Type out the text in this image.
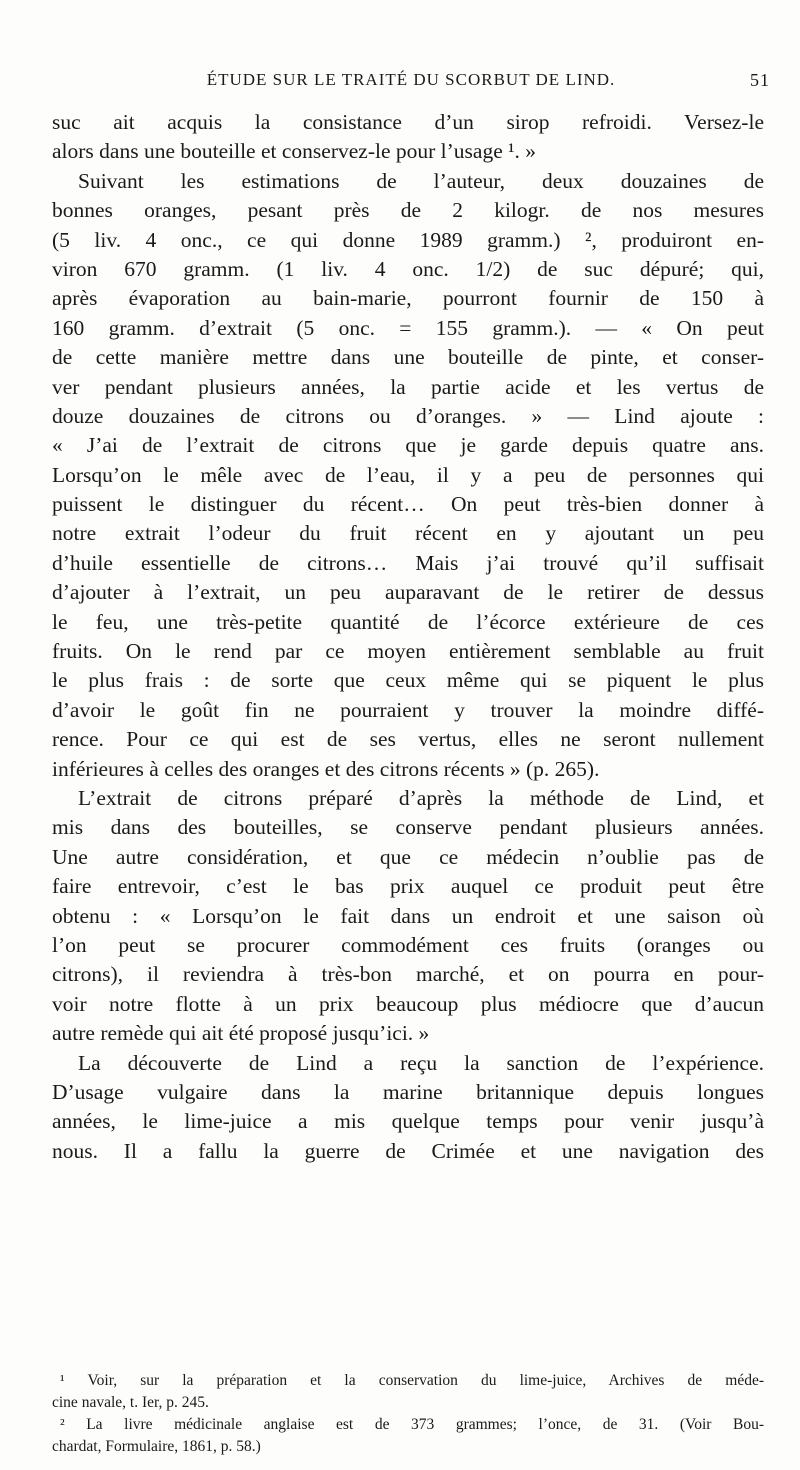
ÉTUDE SUR LE TRAITÉ DU SCORBUT DE LIND.	51
suc ait acquis la consistance d’un sirop refroidi. Versez-le
alors dans une bouteille et conservez-le pour l’usage ¹. »
Suivant les estimations de l’auteur, deux douzaines de
bonnes oranges, pesant près de 2 kilogr. de nos mesures
(5 liv. 4 onc., ce qui donne 1989 gramm.) ², produiront en-
viron 670 gramm. (1 liv. 4 onc. 1/2) de suc dépuré; qui,
après évaporation au bain-marie, pourront fournir de 150 à
160 gramm. d’extrait (5 onc. = 155 gramm.). — « On peut
de cette manière mettre dans une bouteille de pinte, et conser-
ver pendant plusieurs années, la partie acide et les vertus de
douze douzaines de citrons ou d’oranges. » — Lind ajoute :
« J’ai de l’extrait de citrons que je garde depuis quatre ans.
Lorsqu’on le mêle avec de l’eau, il y a peu de personnes qui
puissent le distinguer du récent… On peut très-bien donner à
notre extrait l’odeur du fruit récent en y ajoutant un peu
d’huile essentielle de citrons… Mais j’ai trouvé qu’il suffisait
d’ajouter à l’extrait, un peu auparavant de le retirer de dessus
le feu, une très-petite quantité de l’écorce extérieure de ces
fruits. On le rend par ce moyen entièrement semblable au fruit
le plus frais : de sorte que ceux même qui se piquent le plus
d’avoir le goût fin ne pourraient y trouver la moindre diffé-
rence. Pour ce qui est de ses vertus, elles ne seront nullement
inférieures à celles des oranges et des citrons récents » (p. 265).
L’extrait de citrons préparé d’après la méthode de Lind, et
mis dans des bouteilles, se conserve pendant plusieurs années.
Une autre considération, et que ce médecin n’oublie pas de
faire entrevoir, c’est le bas prix auquel ce produit peut être
obtenu : « Lorsqu’on le fait dans un endroit et une saison où
l’on peut se procurer commodément ces fruits (oranges ou
citrons), il reviendra à très-bon marché, et on pourra en pour-
voir notre flotte à un prix beaucoup plus médiocre que d’aucun
autre remède qui ait été proposé jusqu’ici. »
La découverte de Lind a reçu la sanction de l’expérience.
D’usage vulgaire dans la marine britannique depuis longues
années, le lime-juice a mis quelque temps pour venir jusqu’à
nous. Il a fallu la guerre de Crimée et une navigation des
¹ Voir, sur la préparation et la conservation du lime-juice, Archives de méde-
cine navale, t. Ier, p. 245.
² La livre médicinale anglaise est de 373 grammes; l’once, de 31. (Voir Bou-
chardat, Formulaire, 1861, p. 58.)
